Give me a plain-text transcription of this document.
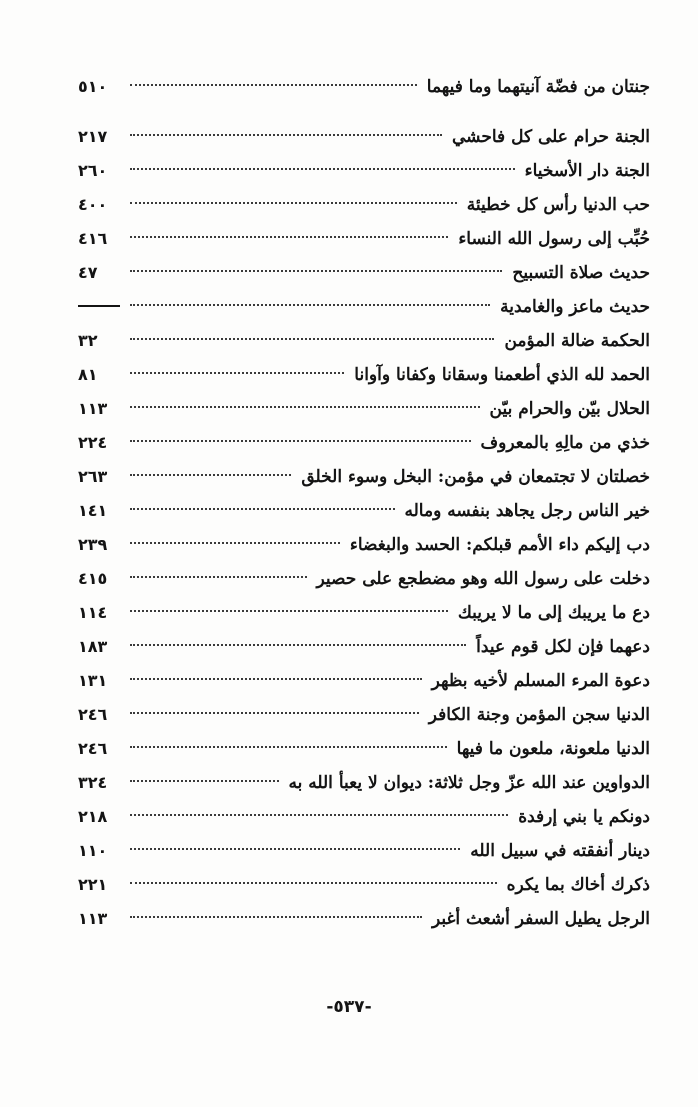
جنتان من فضّة آنيتهما وما فيهما
٥١٠
الجنة حرام على كل فاحشي
٢١٧
الجنة دار الأسخياء
٢٦٠
حب الدنيا رأس كل خطيئة
٤٠٠
حُبِّب إلى رسول الله النساء
٤١٦
حديث صلاة التسبيح
٤٧
حديث ماعز والغامدية
الحكمة ضالة المؤمن
٣٢
الحمد لله الذي أطعمنا وسقانا وكفانا وآوانا
٨١
الحلال بيّن والحرام بيّن
١١٣
خذي من مالِهِ بالمعروف
٢٢٤
خصلتان لا تجتمعان في مؤمن: البخل وسوء الخلق
٢٦٣
خير الناس رجل يجاهد بنفسه وماله
١٤١
دب إليكم داء الأمم قبلكم: الحسد والبغضاء
٢٣٩
دخلت على رسول الله وهو مضطجع على حصير
٤١٥
دع ما يريبك إلى ما لا يريبك
١١٤
دعهما فإن لكل قوم عيداً
١٨٣
دعوة المرء المسلم لأخيه بظهر
١٣١
الدنيا سجن المؤمن وجنة الكافر
٢٤٦
الدنيا ملعونة، ملعون ما فيها
٢٤٦
الدواوين عند الله عزّ وجل ثلاثة: ديوان لا يعبأ الله به
٣٢٤
دونكم يا بني إرفدة
٢١٨
دينار أنفقته في سبيل الله
١١٠
ذكرك أخاك بما يكره
٢٢١
الرجل يطيل السفر أشعث أغبر
١١٣
-٥٣٧-
